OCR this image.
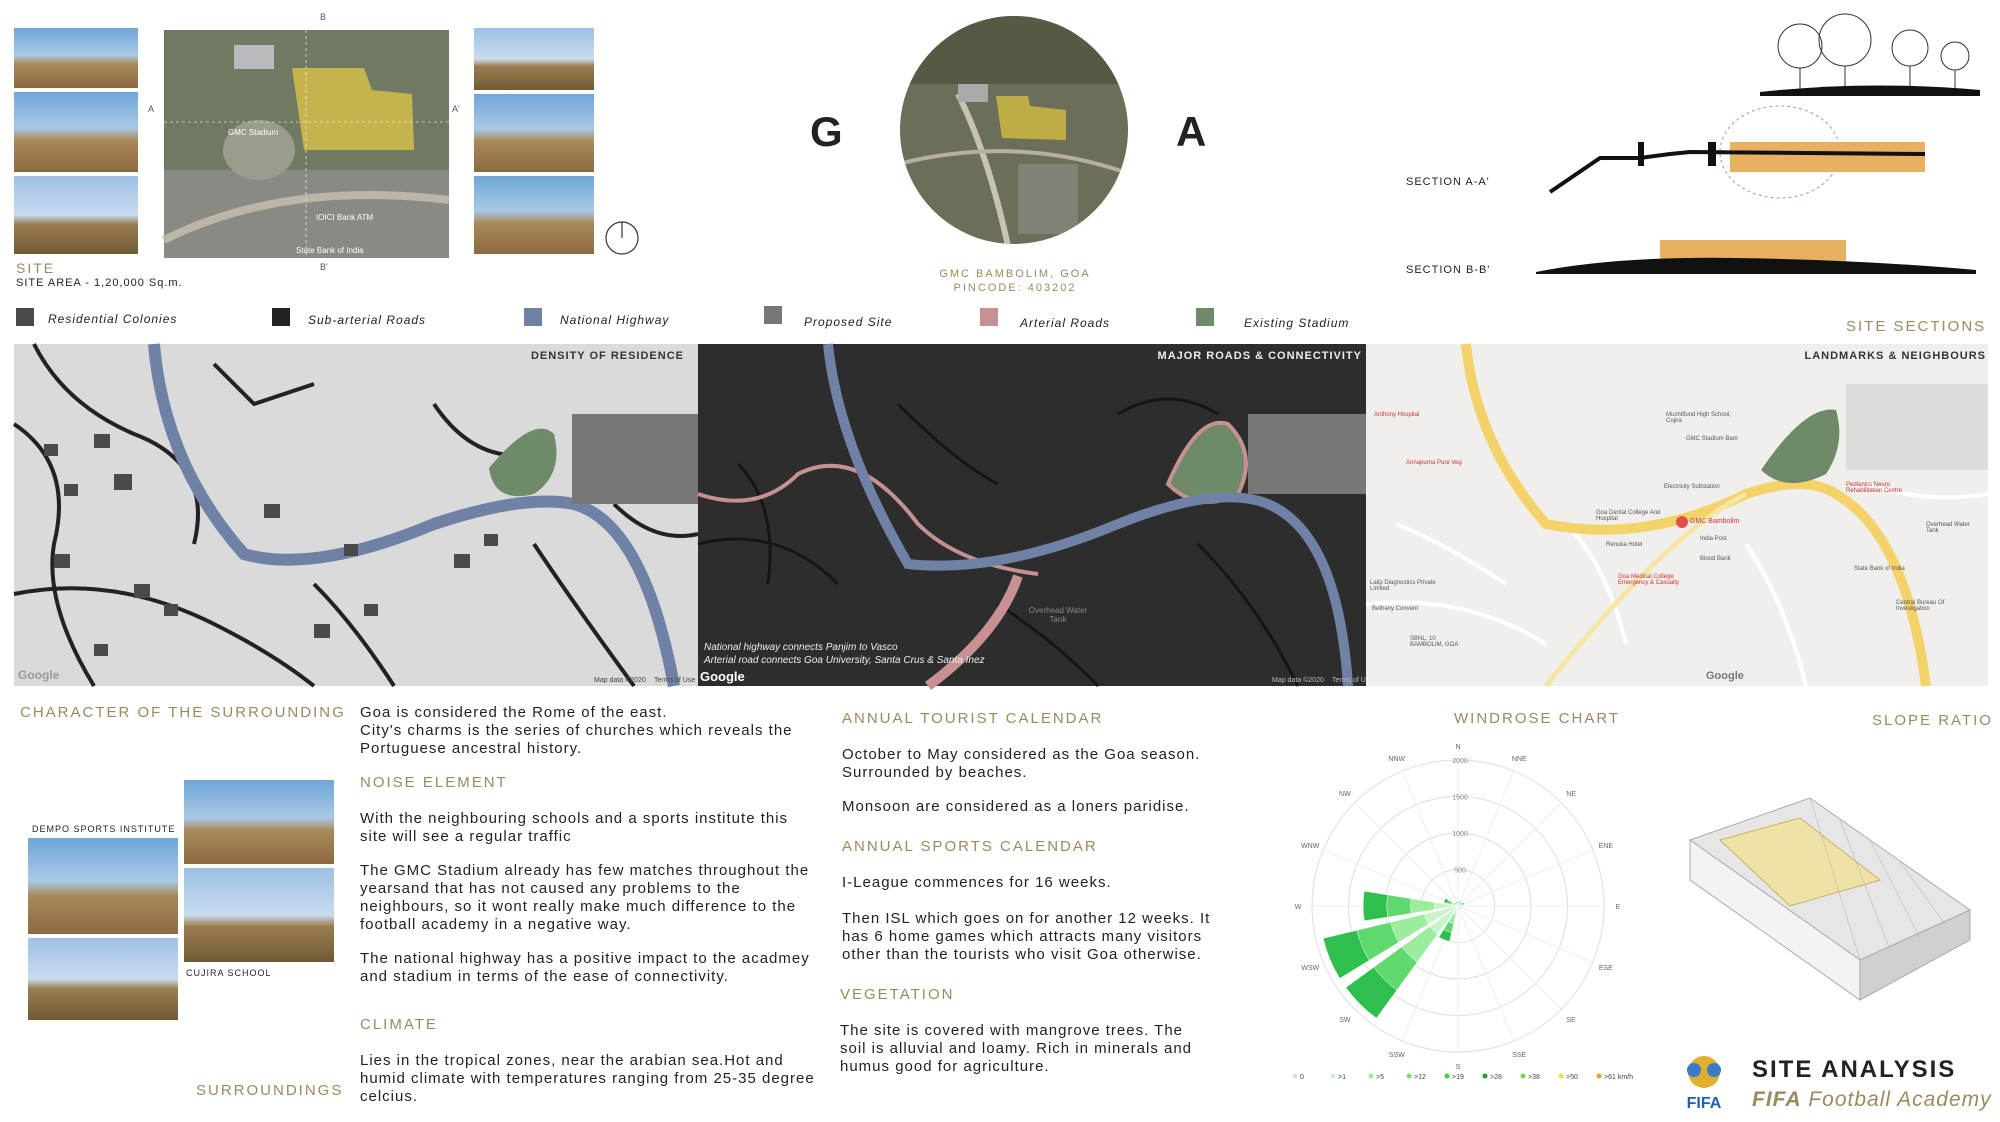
B
B'
A	A'
GMC Stadium
State Bank of India
IOICI Bank ATM
SITE
SITE AREA - 1,20,000 Sq.m.
G	A
GMC BAMBOLIM, GOA
PINCODE: 403202
SECTION A-A'
SECTION B-B'
SITE SECTIONS
Residential Colonies	Sub-arterial Roads	National Highway	Proposed Site	Arterial Roads	Existing Stadium
DENSITY OF RESIDENCE
Google	Map data ©2020 Terms of Use
MAJOR ROADS & CONNECTIVITY
Overhead Water Tank
National highway connects Panjim to Vasco
Arterial road connects Goa University, Santa Crus & Santa Inez
Google	Map data ©2020 Terms of U
LANDMARKS & NEIGHBOURS
Mushtifund High School, Cujira
GMC Stadium Bam
Electricity Substation	Pedianics Neuro Rehabilitation Centre
Goa Dental College And Hospital	GMC Bambolim
India Post
Blood Bank
Goa Medical College Emergency & Casualty
Renuka Hotel
Annapurna Pure Veg
Anthony Hospital
State Bank of India
Overhead Water Tank
Central Bureau Of Investigation
SBNL, 10 BAMBOLIM, GOA
Bethany Convent
Lalip Diagnostics Private Limited
Google
CHARACTER OF THE SURROUNDING
DEMPO SPORTS INSTITUTE
CUJIRA SCHOOL
SURROUNDINGS
Goa is considered the Rome of the east.
City's charms is the series of churches which reveals the Portuguese ancestral history.
NOISE ELEMENT
With the neighbouring schools and a sports institute this site will see a regular traffic
The GMC Stadium already has few matches throughout the yearsand that has not caused any problems to the neighbours, so it wont really make much difference to the football academy in a negative way.
The national highway has a positive impact to the acadmey and stadium in terms of the ease of connectivity.
CLIMATE
Lies in the tropical zones, near the arabian sea.Hot and humid climate with temperatures ranging from 25-35 degree celcius.
ANNUAL TOURIST CALENDAR
October to May considered as the Goa season. Surrounded by beaches.
Monsoon are considered as a loners paridise.
ANNUAL SPORTS CALENDAR
I-League commences for 16 weeks.
Then ISL which goes on for another 12 weeks. It has 6 home games which attracts many visitors other than the tourists who visit Goa otherwise.
VEGETATION
The site is covered with mangrove trees. The soil is alluvial and loamy. Rich in minerals and humus good for agriculture.
WINDROSE CHART
N
NNE
NE
ENE
E
ESE
SE
SSE
S
SSW
SW
WSW
W
WNW
NW
NNW
500
1000
1500
2000
0	>1	>5	>12	>19	>28	>38	>50	>61 km/h
SLOPE RATIO
FIFA
SITE ANALYSIS
FIFA Football Academy
